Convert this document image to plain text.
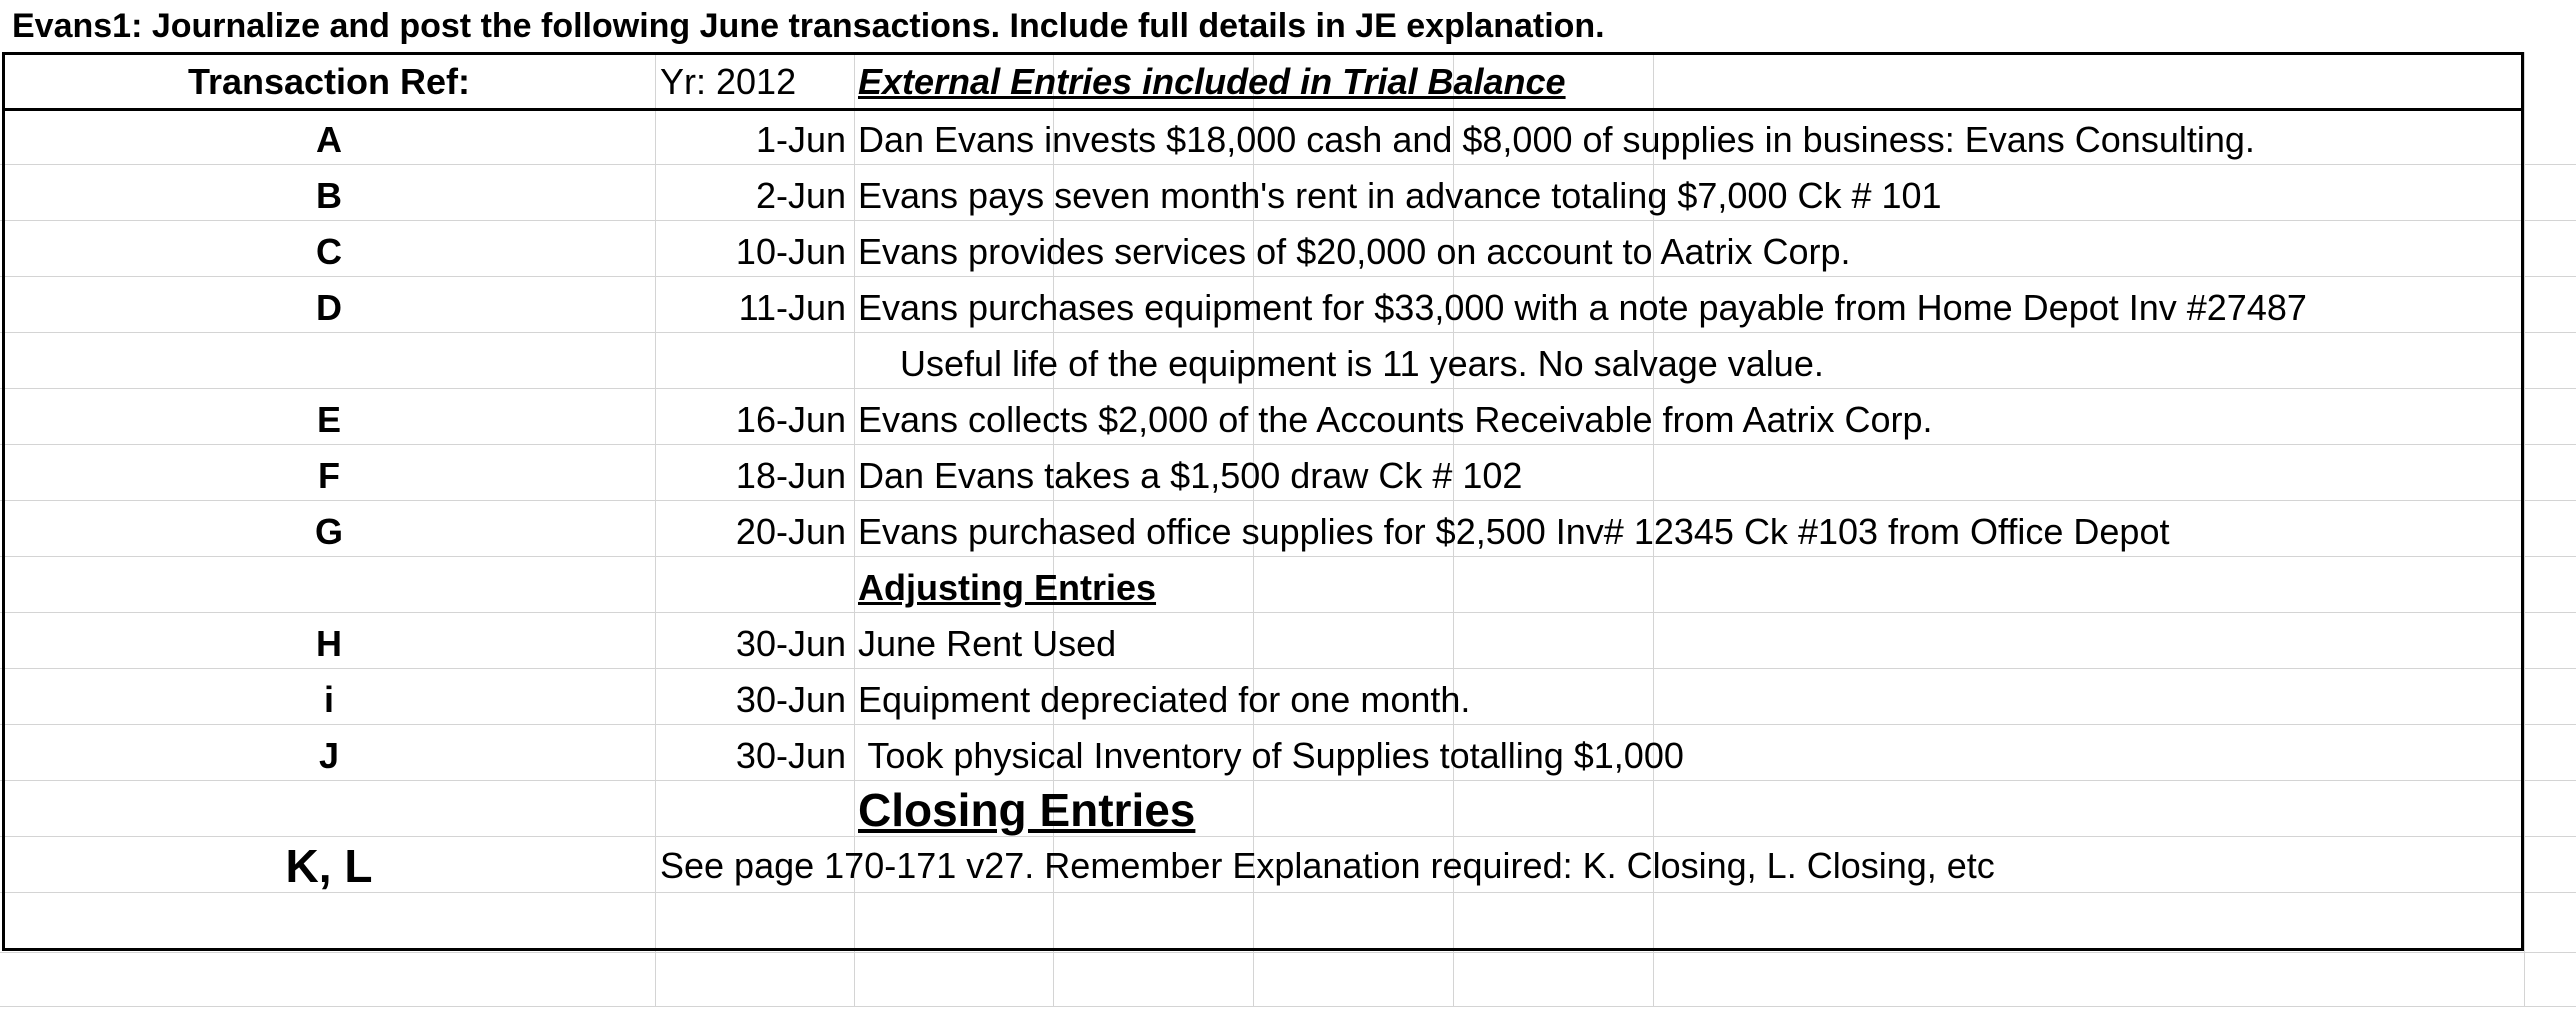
Evans1: Journalize and post the following June transactions. Include full details in JE explanation.
Transaction Ref:	Yr: 2012 External Entries included in Trial Balance
A	1-Jun Dan Evans invests $18,000 cash and $8,000 of supplies in business: Evans Consulting.
B	2-Jun Evans pays seven month's rent in advance totaling $7,000 Ck # 101
C	10-Jun Evans provides services of $20,000 on account to Aatrix Corp.
D	11-Jun Evans purchases equipment for $33,000 with a note payable from Home Depot Inv #27487
Useful life of the equipment is 11 years. No salvage value.
E	16-Jun Evans collects $2,000 of the Accounts Receivable from Aatrix Corp.
F	18-Jun Dan Evans takes a $1,500 draw Ck # 102
G	20-Jun Evans purchased office supplies for $2,500 Inv# 12345 Ck #103 from Office Depot
Adjusting Entries
H	30-Jun June Rent Used
i	30-Jun Equipment depreciated for one month.
J	30-Jun Took physical Inventory of Supplies totalling $1,000
Closing Entries
K, L	See page 170-171 v27. Remember Explanation required: K. Closing, L. Closing, etc
